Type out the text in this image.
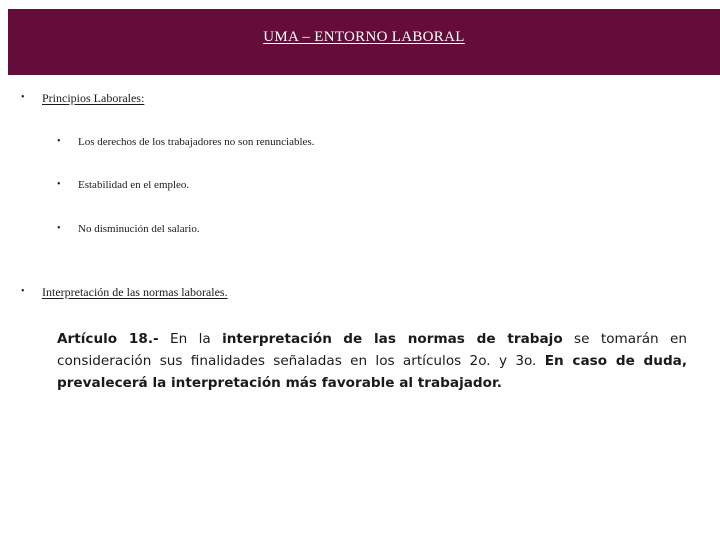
UMA – ENTORNO LABORAL
• Principios Laborales:
• Los derechos de los trabajadores no son renunciables.
• Estabilidad en el empleo.
• No disminución del salario.
• Interpretación de las normas laborales.
Artículo 18.- En la interpretación de las normas de trabajo se tomarán en consideración sus finalidades señaladas en los artículos 2o. y 3o. En caso de duda, prevalecerá la interpretación más favorable al trabajador.
